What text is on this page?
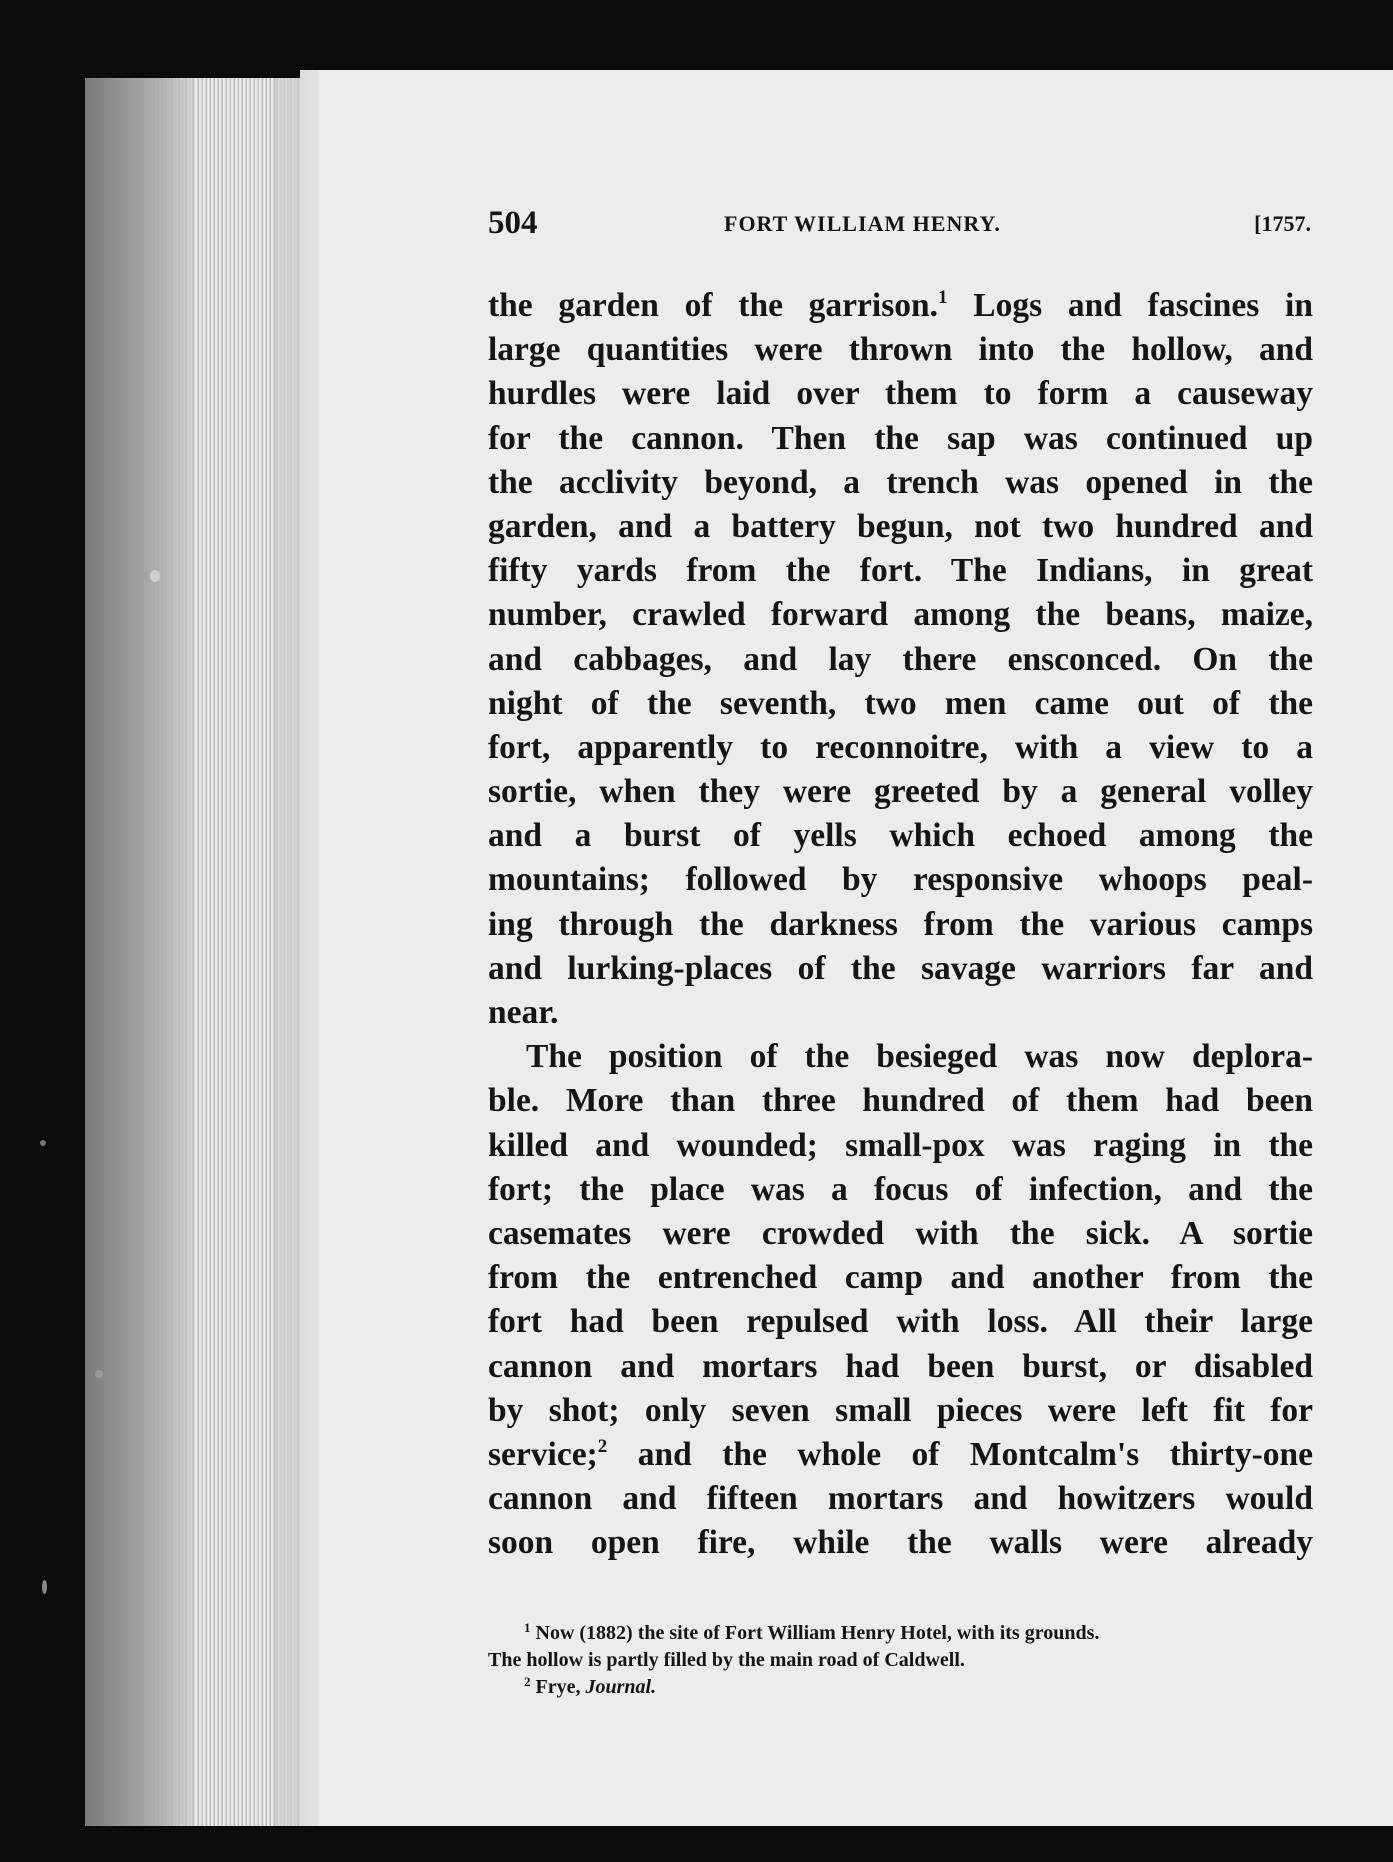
504	FORT WILLIAM HENRY.	[1757.
the garden of the garrison.$^1$ Logs and fascines in
large quantities were thrown into the hollow, and
hurdles were laid over them to form a causeway
for the cannon. Then the sap was continued up
the acclivity beyond, a trench was opened in the
garden, and a battery begun, not two hundred and
fifty yards from the fort. The Indians, in great
number, crawled forward among the beans, maize,
and cabbages, and lay there ensconced. On the
night of the seventh, two men came out of the
fort, apparently to reconnoitre, with a view to a
sortie, when they were greeted by a general volley
and a burst of yells which echoed among the
mountains; followed by responsive whoops peal-
ing through the darkness from the various camps
and lurking-places of the savage warriors far and
near.
The position of the besieged was now deplora-
ble. More than three hundred of them had been
killed and wounded; small-pox was raging in the
fort; the place was a focus of infection, and the
casemates were crowded with the sick. A sortie
from the entrenched camp and another from the
fort had been repulsed with loss. All their large
cannon and mortars had been burst, or disabled
by shot; only seven small pieces were left fit for
service;$^2$ and the whole of Montcalm's thirty-one
cannon and fifteen mortars and howitzers would
soon open fire, while the walls were already
$^1$ Now (1882) the site of Fort William Henry Hotel, with its grounds.
The hollow is partly filled by the main road of Caldwell.
$^2$ Frye, Journal.
